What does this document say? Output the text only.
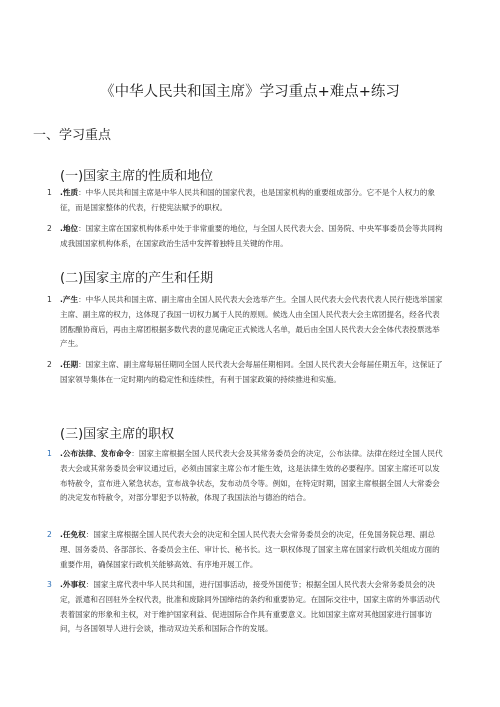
《中华人民共和国主席》学习重点+难点+练习
一、学习重点
(一)国家主席的性质和地位
1	.性质：中华人民共和国主席是中华人民共和国的国家代表，也是国家机构的重要组成部分。它不是个人权力的象征，而是国家整体的代表，行使宪法赋予的职权。
2	.地位：国家主席在国家机构体系中处于非常重要的地位，与全国人民代表大会、国务院、中央军事委员会等共同构成我国国家机构体系，在国家政治生活中发挥着独特且关键的作用。
(二)国家主席的产生和任期
1	.产生：中华人民共和国主席、副主席由全国人民代表大会选举产生。全国人民代表大会代表代表人民行使选举国家主席、副主席的权力，这体现了我国一切权力属于人民的原则。候选人由全国人民代表大会主席团提名，经各代表团酝酿协商后，再由主席团根据多数代表的意见确定正式候选人名单，最后由全国人民代表大会全体代表投票选举产生。
2	.任期：国家主席、副主席每届任期同全国人民代表大会每届任期相同。全国人民代表大会每届任期五年，这保证了国家领导集体在一定时期内的稳定性和连续性，有利于国家政策的持续推进和实施。
(三)国家主席的职权
1	.公布法律、发布命令：国家主席根据全国人民代表大会及其常务委员会的决定，公布法律。法律在经过全国人民代表大会或其常务委员会审议通过后，必须由国家主席公布才能生效，这是法律生效的必要程序。国家主席还可以发布特赦令，宣布进入紧急状态，宣布战争状态，发布动员令等。例如，在特定时期，国家主席根据全国人大常委会的决定发布特赦令，对部分罪犯予以特赦，体现了我国法治与德治的结合。
2	.任免权：国家主席根据全国人民代表大会的决定和全国人民代表大会常务委员会的决定，任免国务院总理、副总理、国务委员、各部部长、各委员会主任、审计长、秘书长。这一职权体现了国家主席在国家行政机关组成方面的重要作用，确保国家行政机关能够高效、有序地开展工作。
3	.外事权：国家主席代表中华人民共和国，进行国事活动，接受外国使节；根据全国人民代表大会常务委员会的决定，派遣和召回驻外全权代表，批准和废除同外国缔结的条约和重要协定。在国际交往中，国家主席的外事活动代表着国家的形象和主权，对于维护国家利益、促进国际合作具有重要意义。比如国家主席对其他国家进行国事访问，与各国领导人进行会谈，推动双边关系和国际合作的发展。
